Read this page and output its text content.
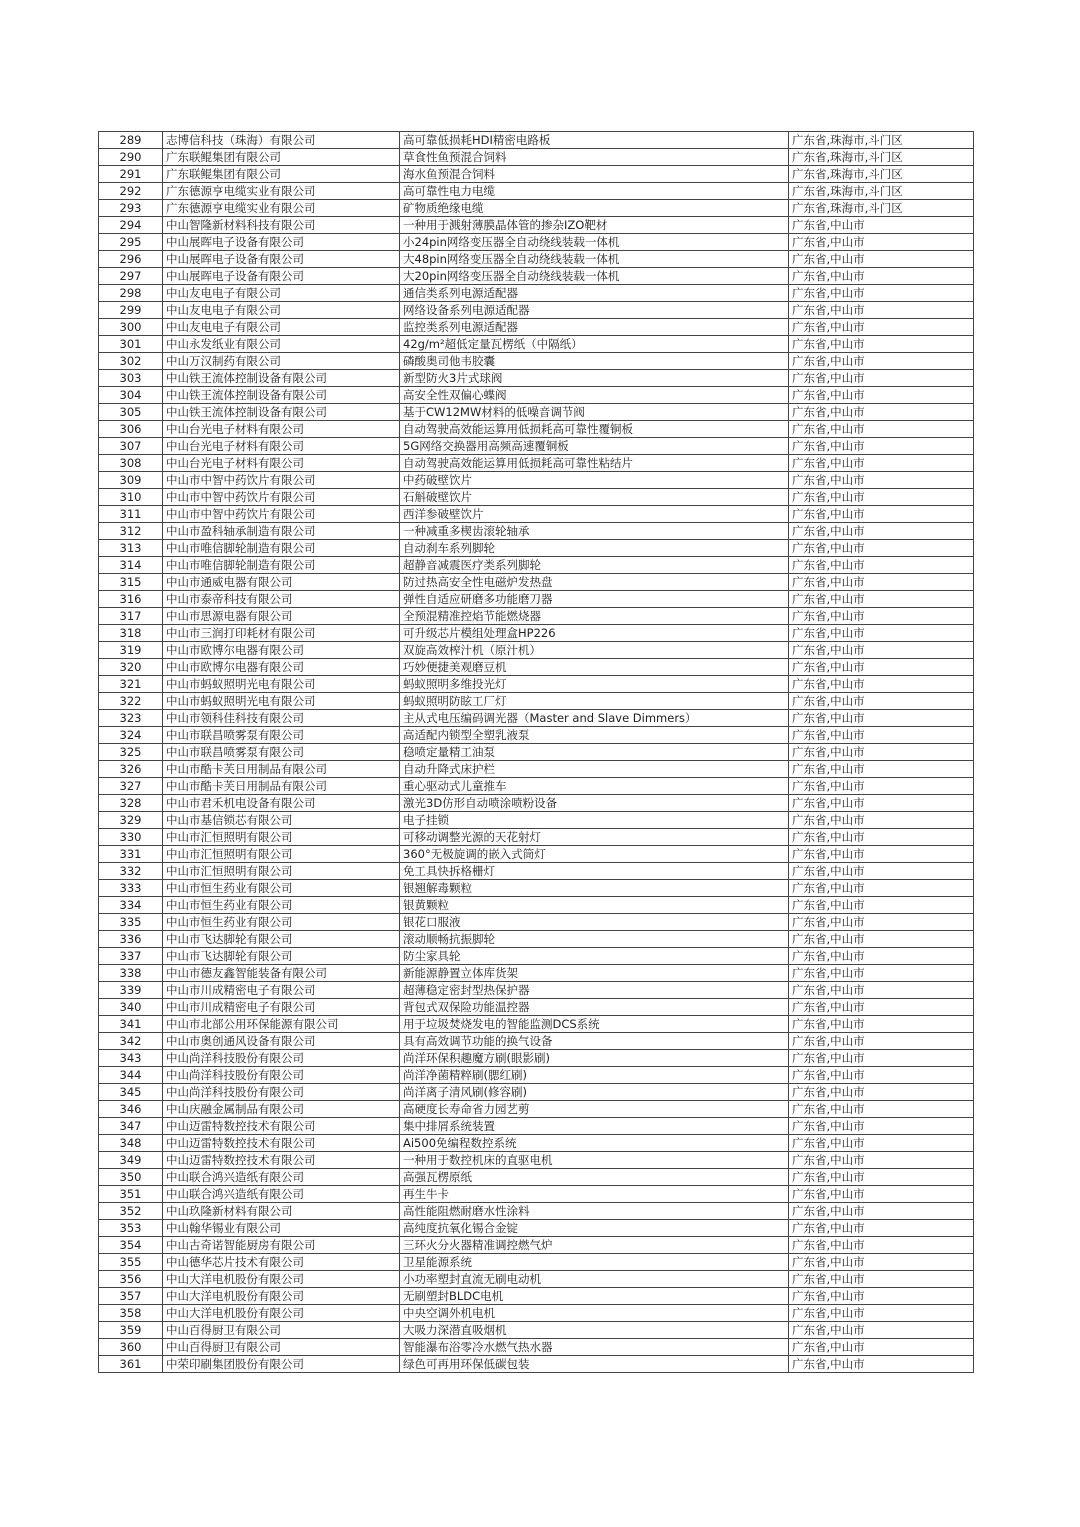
289	志博信科技（珠海）有限公司	高可靠低损耗HDI精密电路板	广东省,珠海市,斗门区
290	广东联鲲集团有限公司	草食性鱼预混合饲料	广东省,珠海市,斗门区
291	广东联鲲集团有限公司	海水鱼预混合饲料	广东省,珠海市,斗门区
292	广东德源亨电缆实业有限公司	高可靠性电力电缆	广东省,珠海市,斗门区
293	广东德源亨电缆实业有限公司	矿物质绝缘电缆	广东省,珠海市,斗门区
294	中山智隆新材料科技有限公司	一种用于溅射薄膜晶体管的掺杂IZO靶材	广东省,中山市
295	中山展晖电子设备有限公司	小24pin网络变压器全自动绕线装载一体机	广东省,中山市
296	中山展晖电子设备有限公司	大48pin网络变压器全自动绕线装载一体机	广东省,中山市
297	中山展晖电子设备有限公司	大20pin网络变压器全自动绕线装载一体机	广东省,中山市
298	中山友电电子有限公司	通信类系列电源适配器	广东省,中山市
299	中山友电电子有限公司	网络设备系列电源适配器	广东省,中山市
300	中山友电电子有限公司	监控类系列电源适配器	广东省,中山市
301	中山永发纸业有限公司	42g/m²超低定量瓦楞纸（中隔纸）	广东省,中山市
302	中山万汉制药有限公司	磷酸奥司他韦胶囊	广东省,中山市
303	中山铁王流体控制设备有限公司	新型防火3片式球阀	广东省,中山市
304	中山铁王流体控制设备有限公司	高安全性双偏心蝶阀	广东省,中山市
305	中山铁王流体控制设备有限公司	基于CW12MW材料的低噪音调节阀	广东省,中山市
306	中山台光电子材料有限公司	自动驾驶高效能运算用低损耗高可靠性覆铜板	广东省,中山市
307	中山台光电子材料有限公司	5G网络交换器用高频高速覆铜板	广东省,中山市
308	中山台光电子材料有限公司	自动驾驶高效能运算用低损耗高可靠性粘结片	广东省,中山市
309	中山市中智中药饮片有限公司	中药破壁饮片	广东省,中山市
310	中山市中智中药饮片有限公司	石斛破壁饮片	广东省,中山市
311	中山市中智中药饮片有限公司	西洋参破壁饮片	广东省,中山市
312	中山市盈科轴承制造有限公司	一种减重多楔齿滚轮轴承	广东省,中山市
313	中山市唯信脚轮制造有限公司	自动刹车系列脚轮	广东省,中山市
314	中山市唯信脚轮制造有限公司	超静音减震医疗类系列脚轮	广东省,中山市
315	中山市通威电器有限公司	防过热高安全性电磁炉发热盘	广东省,中山市
316	中山市泰帝科技有限公司	弹性自适应研磨多功能磨刀器	广东省,中山市
317	中山市思源电器有限公司	全预混精准控焰节能燃烧器	广东省,中山市
318	中山市三润打印耗材有限公司	可升级芯片模组处理盒HP226	广东省,中山市
319	中山市欧博尔电器有限公司	双旋高效榨汁机（原汁机）	广东省,中山市
320	中山市欧博尔电器有限公司	巧妙便捷美观磨豆机	广东省,中山市
321	中山市蚂蚁照明光电有限公司	蚂蚁照明多维投光灯	广东省,中山市
322	中山市蚂蚁照明光电有限公司	蚂蚁照明防眩工厂灯	广东省,中山市
323	中山市领科佳科技有限公司	主从式电压编码调光器（Master and Slave Dimmers）	广东省,中山市
324	中山市联昌喷雾泵有限公司	高适配内锁型全塑乳液泵	广东省,中山市
325	中山市联昌喷雾泵有限公司	稳喷定量精工油泵	广东省,中山市
326	中山市酷卡芙日用制品有限公司	自动升降式床护栏	广东省,中山市
327	中山市酷卡芙日用制品有限公司	重心驱动式儿童推车	广东省,中山市
328	中山市君禾机电设备有限公司	激光3D仿形自动喷涂喷粉设备	广东省,中山市
329	中山市基信锁芯有限公司	电子挂锁	广东省,中山市
330	中山市汇恒照明有限公司	可移动调整光源的天花射灯	广东省,中山市
331	中山市汇恒照明有限公司	360°无极旋调的嵌入式筒灯	广东省,中山市
332	中山市汇恒照明有限公司	免工具快拆格栅灯	广东省,中山市
333	中山市恒生药业有限公司	银翘解毒颗粒	广东省,中山市
334	中山市恒生药业有限公司	银黄颗粒	广东省,中山市
335	中山市恒生药业有限公司	银花口服液	广东省,中山市
336	中山市飞达脚轮有限公司	滚动顺畅抗振脚轮	广东省,中山市
337	中山市飞达脚轮有限公司	防尘家具轮	广东省,中山市
338	中山市德友鑫智能装备有限公司	新能源静置立体库货架	广东省,中山市
339	中山市川成精密电子有限公司	超薄稳定密封型热保护器	广东省,中山市
340	中山市川成精密电子有限公司	背包式双保险功能温控器	广东省,中山市
341	中山市北部公用环保能源有限公司	用于垃圾焚烧发电的智能监测DCS系统	广东省,中山市
342	中山市奥创通风设备有限公司	具有高效调节功能的换气设备	广东省,中山市
343	中山尚洋科技股份有限公司	尚洋环保积趣魔方刷(眼影刷)	广东省,中山市
344	中山尚洋科技股份有限公司	尚洋净菌精粹刷(腮红刷)	广东省,中山市
345	中山尚洋科技股份有限公司	尚洋离子清风刷(修容刷)	广东省,中山市
346	中山庆融金属制品有限公司	高硬度长寿命省力园艺剪	广东省,中山市
347	中山迈雷特数控技术有限公司	集中排屑系统装置	广东省,中山市
348	中山迈雷特数控技术有限公司	Ai500免编程数控系统	广东省,中山市
349	中山迈雷特数控技术有限公司	一种用于数控机床的直驱电机	广东省,中山市
350	中山联合鸿兴造纸有限公司	高强瓦楞原纸	广东省,中山市
351	中山联合鸿兴造纸有限公司	再生牛卡	广东省,中山市
352	中山玖隆新材料有限公司	高性能阻燃耐磨水性涂料	广东省,中山市
353	中山翰华锡业有限公司	高纯度抗氧化锡合金锭	广东省,中山市
354	中山古奇诺智能厨房有限公司	三环火分火器精准调控燃气炉	广东省,中山市
355	中山德华芯片技术有限公司	卫星能源系统	广东省,中山市
356	中山大洋电机股份有限公司	小功率塑封直流无刷电动机	广东省,中山市
357	中山大洋电机股份有限公司	无刷塑封BLDC电机	广东省,中山市
358	中山大洋电机股份有限公司	中央空调外机电机	广东省,中山市
359	中山百得厨卫有限公司	大吸力深潜直吸烟机	广东省,中山市
360	中山百得厨卫有限公司	智能瀑布浴零冷水燃气热水器	广东省,中山市
361	中荣印刷集团股份有限公司	绿色可再用环保低碳包装	广东省,中山市
